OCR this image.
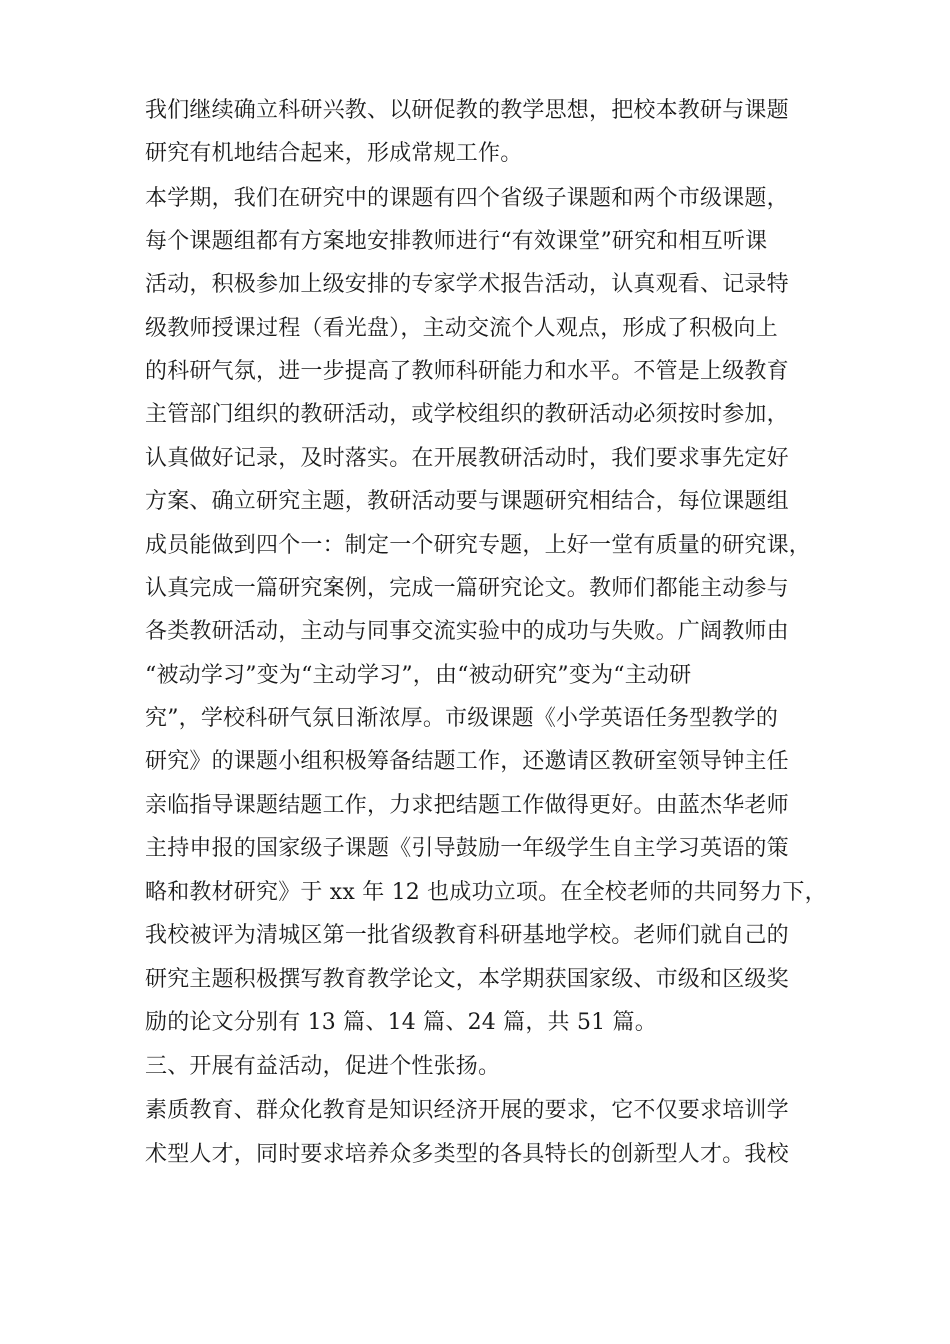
我们继续确立科研兴教、以研促教的教学思想，把校本教研与课题
研究有机地结合起来，形成常规工作。
本学期，我们在研究中的课题有四个省级子课题和两个市级课题，
每个课题组都有方案地安排教师进行“有效课堂”研究和相互听课
活动，积极参加上级安排的专家学术报告活动，认真观看、记录特
级教师授课过程（看光盘），主动交流个人观点，形成了积极向上
的科研气氛，进一步提高了教师科研能力和水平。不管是上级教育
主管部门组织的教研活动，或学校组织的教研活动必须按时参加，
认真做好记录，及时落实。在开展教研活动时，我们要求事先定好
方案、确立研究主题，教研活动要与课题研究相结合，每位课题组
成员能做到四个一：制定一个研究专题，上好一堂有质量的研究课，
认真完成一篇研究案例，完成一篇研究论文。教师们都能主动参与
各类教研活动，主动与同事交流实验中的成功与失败。广阔教师由
“被动学习”变为“主动学习”，由“被动研究”变为“主动研
究”，学校科研气氛日渐浓厚。市级课题《小学英语任务型教学的
研究》的课题小组积极筹备结题工作，还邀请区教研室领导钟主任
亲临指导课题结题工作，力求把结题工作做得更好。由蓝杰华老师
主持申报的国家级子课题《引导鼓励一年级学生自主学习英语的策
略和教材研究》于 xx 年 12 也成功立项。在全校老师的共同努力下，
我校被评为清城区第一批省级教育科研基地学校。老师们就自己的
研究主题积极撰写教育教学论文，本学期获国家级、市级和区级奖
励的论文分别有 13 篇、14 篇、24 篇，共 51 篇。
三、开展有益活动，促进个性张扬。
素质教育、群众化教育是知识经济开展的要求，它不仅要求培训学
术型人才，同时要求培养众多类型的各具特长的创新型人才。我校
